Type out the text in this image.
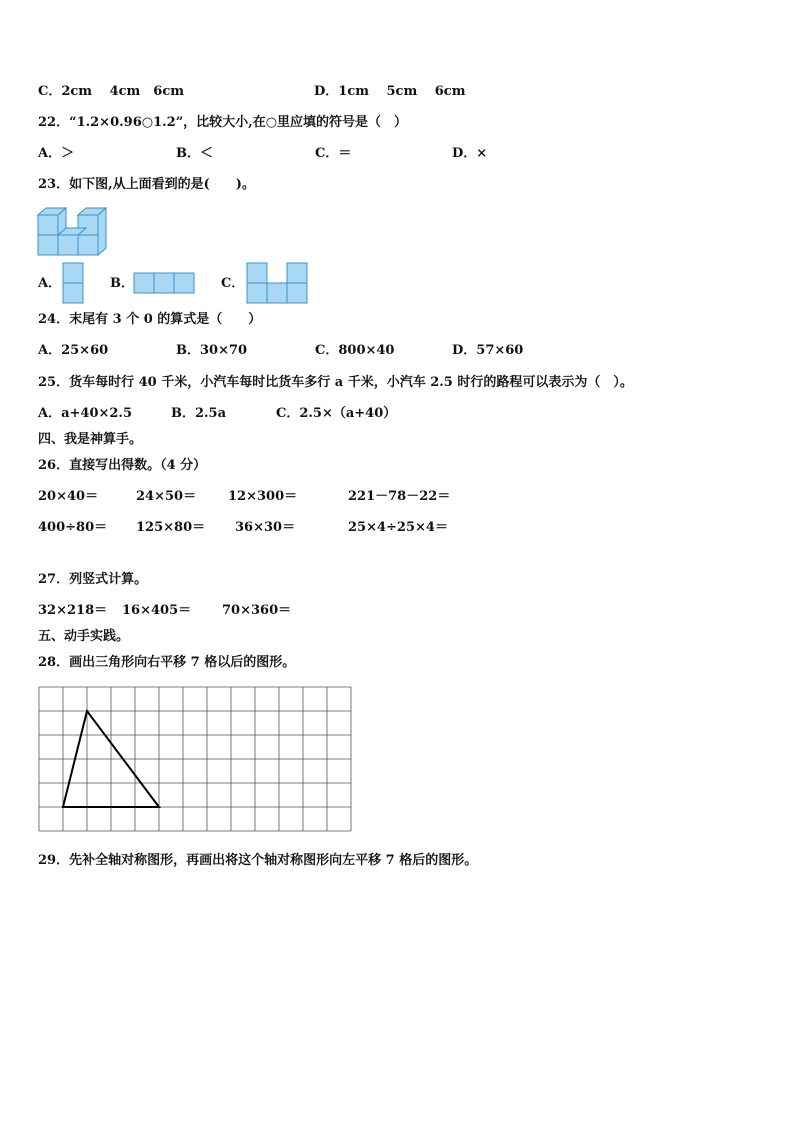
C．2cm　 4cm　6cm	D．1cm　 5cm　 6cm
22．“1.2×0.96○1.2”，比较大小,在○里应填的符号是（　）
A．＞	B．＜	C．＝	D．×
23．如下图,从上面看到的是(　　)。
A．	B．	C．
24．末尾有 3 个 0 的算式是（　　）
A．25×60	B．30×70	C．800×40	D．57×60
25．货车每时行 40 千米，小汽车每时比货车多行 a 千米，小汽车 2.5 时行的路程可以表示为（　）。
A．a+40×2.5	B．2.5a	C．2.5×（a+40）
四、我是神算手。
26．直接写出得数。（4 分）
20×40＝	24×50＝ 12×300＝	221－78－22＝
400÷80＝ 125×80＝ 36×30＝	25×4÷25×4＝
27．列竖式计算。
32×218＝ 16×405＝ 70×360＝
五、动手实践。
28．画出三角形向右平移 7 格以后的图形。
29．先补全轴对称图形，再画出将这个轴对称图形向左平移 7 格后的图形。
